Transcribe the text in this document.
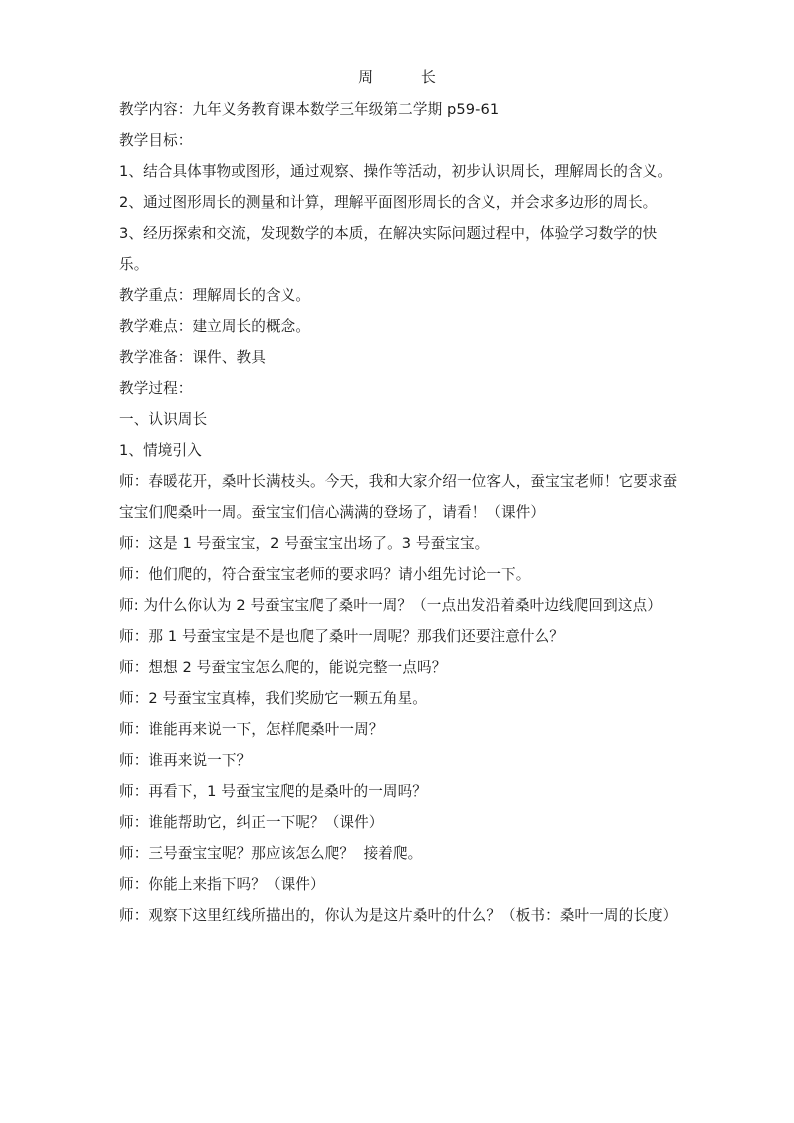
周          长

教学内容：九年义务教育课本数学三年级第二学期 p59-61

教学目标：

1、结合具体事物或图形，通过观察、操作等活动，初步认识周长，理解周长的含义。

2、通过图形周长的测量和计算，理解平面图形周长的含义，并会求多边形的周长。

3、经历探索和交流，发现数学的本质，在解决实际问题过程中，体验学习数学的快乐。

教学重点：理解周长的含义。

教学难点：建立周长的概念。

教学准备：课件、教具

教学过程：

一、认识周长

1、情境引入

师：春暖花开，桑叶长满枝头。今天，我和大家介绍一位客人，蚕宝宝老师！它要求蚕宝宝们爬桑叶一周。蚕宝宝们信心满满的登场了，请看！（课件）

师：这是 1 号蚕宝宝，2 号蚕宝宝出场了。3 号蚕宝宝。

师：他们爬的，符合蚕宝宝老师的要求吗？请小组先讨论一下。

师: 为什么你认为 2 号蚕宝宝爬了桑叶一周？（一点出发沿着桑叶边线爬回到这点）

师：那 1 号蚕宝宝是不是也爬了桑叶一周呢？那我们还要注意什么？

师：想想 2 号蚕宝宝怎么爬的，能说完整一点吗？

师：2 号蚕宝宝真棒，我们奖励它一颗五角星。

师：谁能再来说一下，怎样爬桑叶一周？

师：谁再来说一下？

师：再看下，1 号蚕宝宝爬的是桑叶的一周吗？

师：谁能帮助它，纠正一下呢？（课件）

师：三号蚕宝宝呢？那应该怎么爬？  接着爬。

师：你能上来指下吗？（课件）

师：观察下这里红线所描出的，你认为是这片桑叶的什么？（板书：桑叶一周的长度）
